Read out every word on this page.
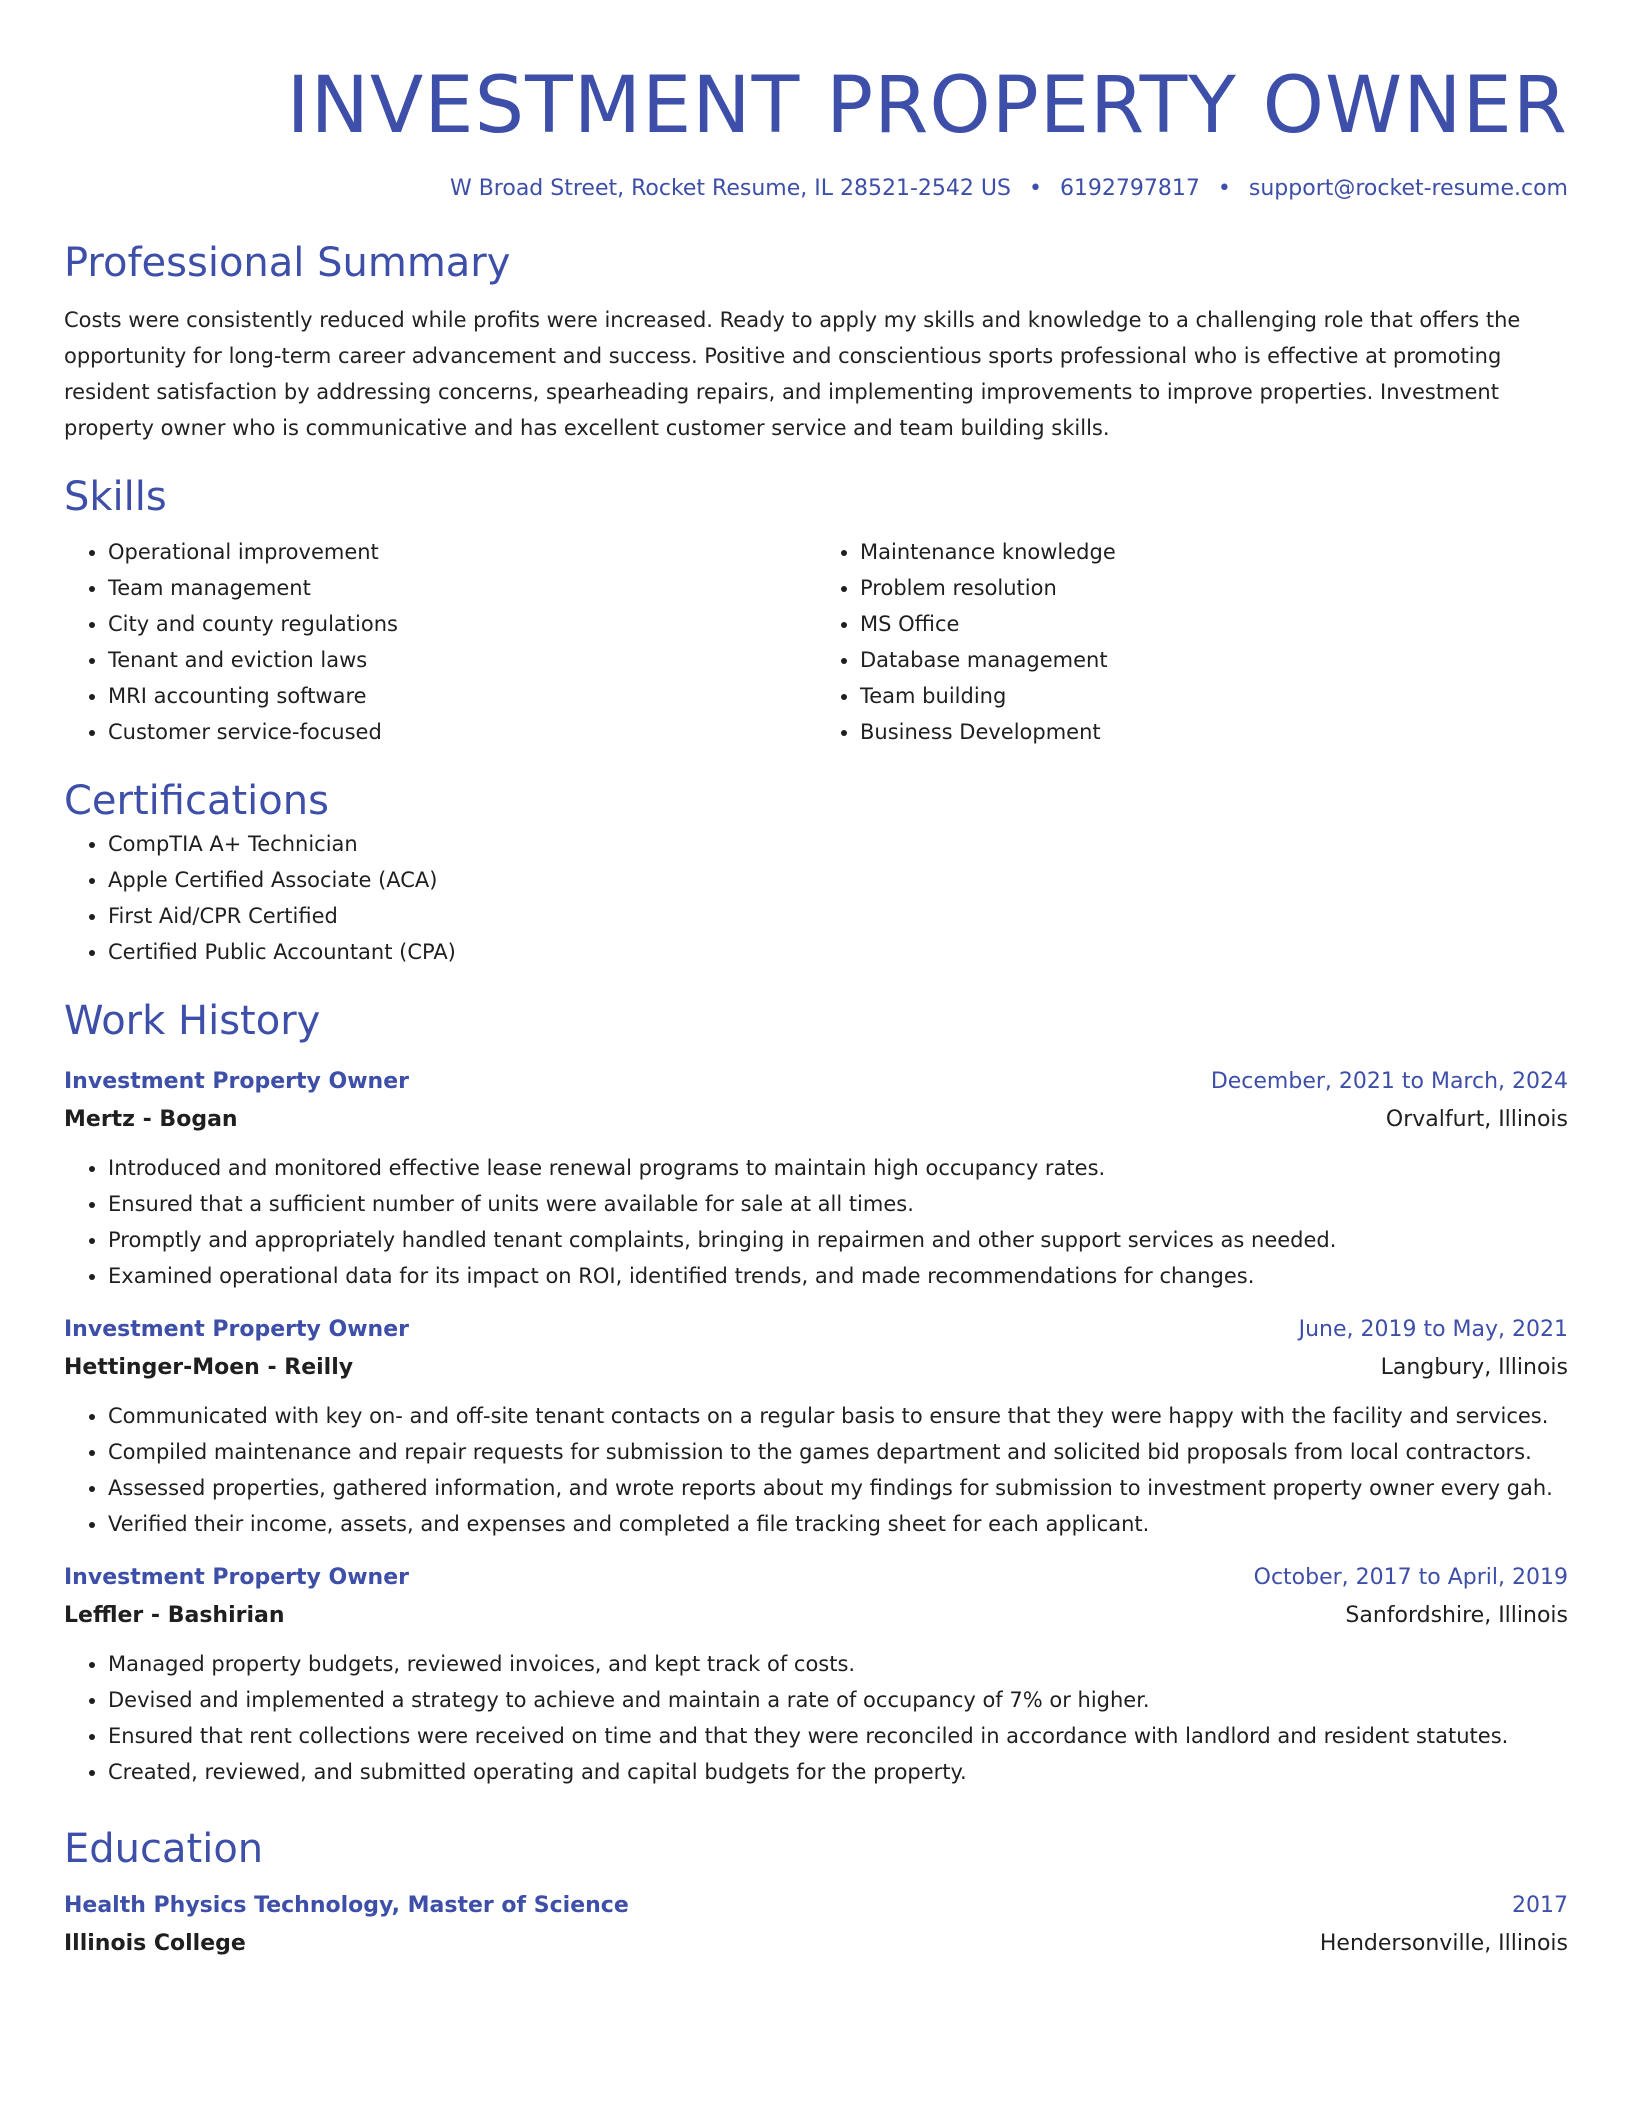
INVESTMENT PROPERTY OWNER
W Broad Street, Rocket Resume, IL 28521-2542 US • 6192797817 • support@rocket-resume.com
Professional Summary
Costs were consistently reduced while profits were increased. Ready to apply my skills and knowledge to a challenging role that offers the opportunity for long-term career advancement and success. Positive and conscientious sports professional who is effective at promoting resident satisfaction by addressing concerns, spearheading repairs, and implementing improvements to improve properties. Investment property owner who is communicative and has excellent customer service and team building skills.
Skills
• Operational improvement
• Team management
• City and county regulations
• Tenant and eviction laws
• MRI accounting software
• Customer service-focused
• Maintenance knowledge
• Problem resolution
• MS Office
• Database management
• Team building
• Business Development
Certifications
• CompTIA A+ Technician
• Apple Certified Associate (ACA)
• First Aid/CPR Certified
• Certified Public Accountant (CPA)
Work History
Investment Property Owner	December, 2021 to March, 2024
Mertz - Bogan	Orvalfurt, Illinois
• Introduced and monitored effective lease renewal programs to maintain high occupancy rates.
• Ensured that a sufficient number of units were available for sale at all times.
• Promptly and appropriately handled tenant complaints, bringing in repairmen and other support services as needed.
• Examined operational data for its impact on ROI, identified trends, and made recommendations for changes.
Investment Property Owner	June, 2019 to May, 2021
Hettinger-Moen - Reilly	Langbury, Illinois
• Communicated with key on- and off-site tenant contacts on a regular basis to ensure that they were happy with the facility and services.
• Compiled maintenance and repair requests for submission to the games department and solicited bid proposals from local contractors.
• Assessed properties, gathered information, and wrote reports about my findings for submission to investment property owner every gah.
• Verified their income, assets, and expenses and completed a file tracking sheet for each applicant.
Investment Property Owner	October, 2017 to April, 2019
Leffler - Bashirian	Sanfordshire, Illinois
• Managed property budgets, reviewed invoices, and kept track of costs.
• Devised and implemented a strategy to achieve and maintain a rate of occupancy of 7% or higher.
• Ensured that rent collections were received on time and that they were reconciled in accordance with landlord and resident statutes.
• Created, reviewed, and submitted operating and capital budgets for the property.
Education
Health Physics Technology, Master of Science	2017
Illinois College	Hendersonville, Illinois
